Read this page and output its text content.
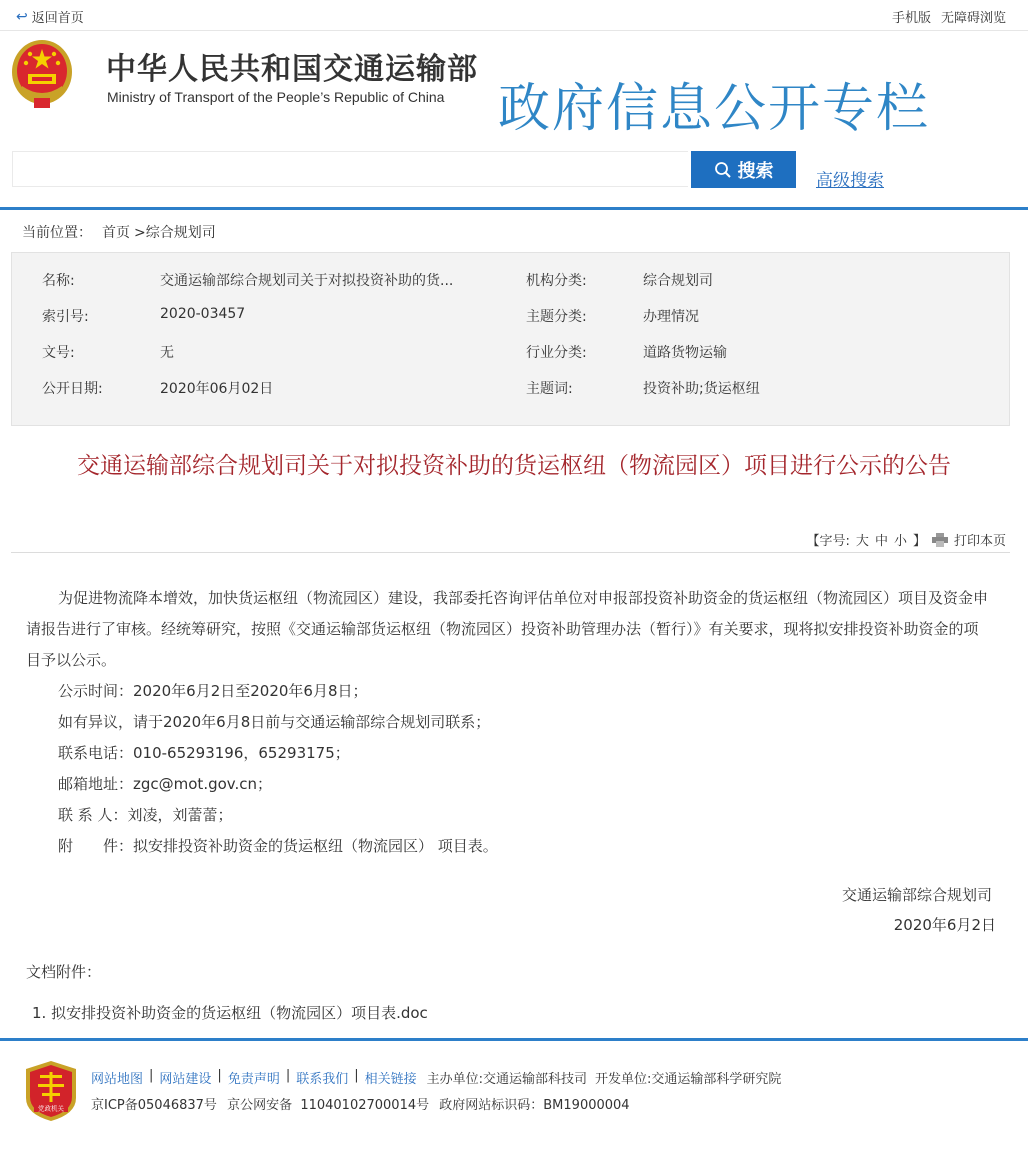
↩ 返回首页	手机版 无障碍浏览
中华人民共和国交通运输部
Ministry of Transport of the People’s Republic of China 政府信息公开专栏
搜索	高级搜索
当前位置： 首页 >综合规划司
名称:	交通运输部综合规划司关于对拟投资补助的货...	机构分类:	综合规划司
索引号:	2020-03457	主题分类:	办理情况
文号:	无	行业分类:	道路货物运输
公开日期:	2020年06月02日	主题词:	投资补助;货运枢纽
交通运输部综合规划司关于对拟投资补助的货运枢纽（物流园区）项目进行公示的公告
【字号: 大 中 小 】 打印本页
为促进物流降本增效，加快货运枢纽（物流园区）建设，我部委托咨询评估单位对申报部投资补助资金的货运枢纽（物流园区）项目及资金申请报告进行了审核。经统筹研究，按照《交通运输部货运枢纽（物流园区）投资补助管理办法（暂行）》有关要求，现将拟安排投资补助资金的项目予以公示。
公示时间：2020年6月2日至2020年6月8日；
如有异议，请于2020年6月8日前与交通运输部综合规划司联系；
联系电话：010-65293196，65293175；
邮箱地址：zgc@mot.gov.cn；
联 系 人：刘凌，刘蕾蕾；
附　　件：拟安排投资补助资金的货运枢纽（物流园区） 项目表。
交通运输部综合规划司
2020年6月2日
文档附件：
1. 拟安排投资补助资金的货运枢纽（物流园区）项目表.doc
党政机关
网站地图 | 网站建设 | 免责声明 | 联系我们 | 相关链接 主办单位:交通运输部科技司 开发单位:交通运输部科学研究院
京ICP备05046837号 京公网安备  11040102700014号 政府网站标识码：BM19000004
